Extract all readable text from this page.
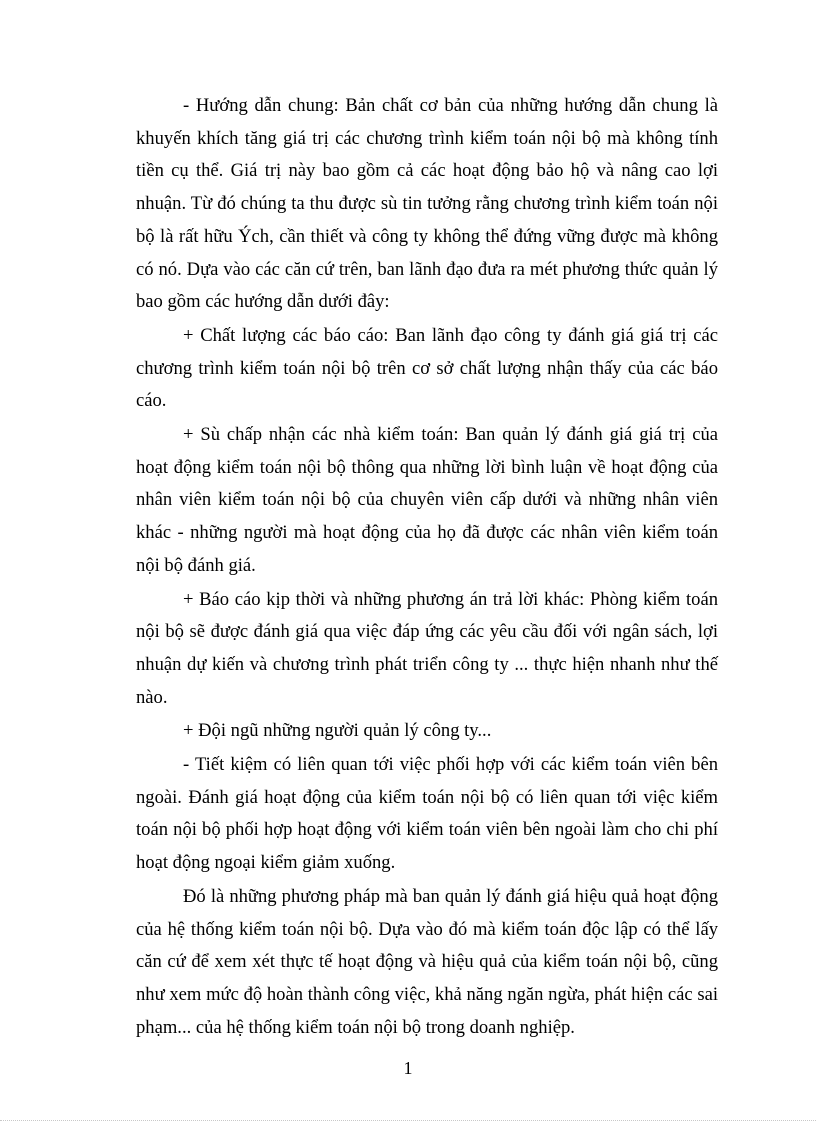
- Hướng dẫn chung: Bản chất cơ bản của những hướng dẫn chung là khuyến khích tăng giá trị các chương trình kiểm toán nội bộ mà không tính tiền cụ thể. Giá trị này bao gồm cả các hoạt động bảo hộ và nâng cao lợi nhuận. Từ đó chúng ta thu được sù tin tưởng rằng chương trình kiểm toán nội bộ là rất hữu Ých, cần thiết và công ty không thể đứng vững được mà không có nó. Dựa vào các căn cứ trên, ban lãnh đạo đưa ra mét phương thức quản lý bao gồm các hướng dẫn dưới đây:

+ Chất lượng các báo cáo: Ban lãnh đạo công ty đánh giá giá trị các chương trình kiểm toán nội bộ trên cơ sở chất lượng nhận thấy của các báo cáo.

+ Sù chấp nhận các nhà kiểm toán: Ban quản lý đánh giá giá trị của hoạt động kiểm toán nội bộ thông qua những lời bình luận về hoạt động của nhân viên kiểm toán nội bộ của chuyên viên cấp dưới và những nhân viên khác - những người mà hoạt động của họ đã được các nhân viên kiểm toán nội bộ đánh giá.

+ Báo cáo kịp thời và những phương án trả lời khác: Phòng kiểm toán nội bộ sẽ được đánh giá qua việc đáp ứng các yêu cầu đối với ngân sách, lợi nhuận dự kiến và chương trình phát triển công ty ... thực hiện nhanh như thế nào.

+ Đội ngũ những người quản lý công ty...

- Tiết kiệm có liên quan tới việc phối hợp với các kiểm toán viên bên ngoài. Đánh giá hoạt động của kiểm toán nội bộ có liên quan tới việc kiểm toán nội bộ phối hợp hoạt động với kiểm toán viên bên ngoài làm cho chi phí hoạt động ngoại kiểm giảm xuống.

Đó là những phương pháp mà ban quản lý đánh giá hiệu quả hoạt động của hệ thống kiểm toán nội bộ. Dựa vào đó mà kiểm toán độc lập có thể lấy căn cứ để xem xét thực tế hoạt động và hiệu quả của kiểm toán nội bộ, cũng như xem mức độ hoàn thành công việc, khả năng ngăn ngừa, phát hiện các sai phạm... của hệ thống kiểm toán nội bộ trong doanh nghiệp.

1
